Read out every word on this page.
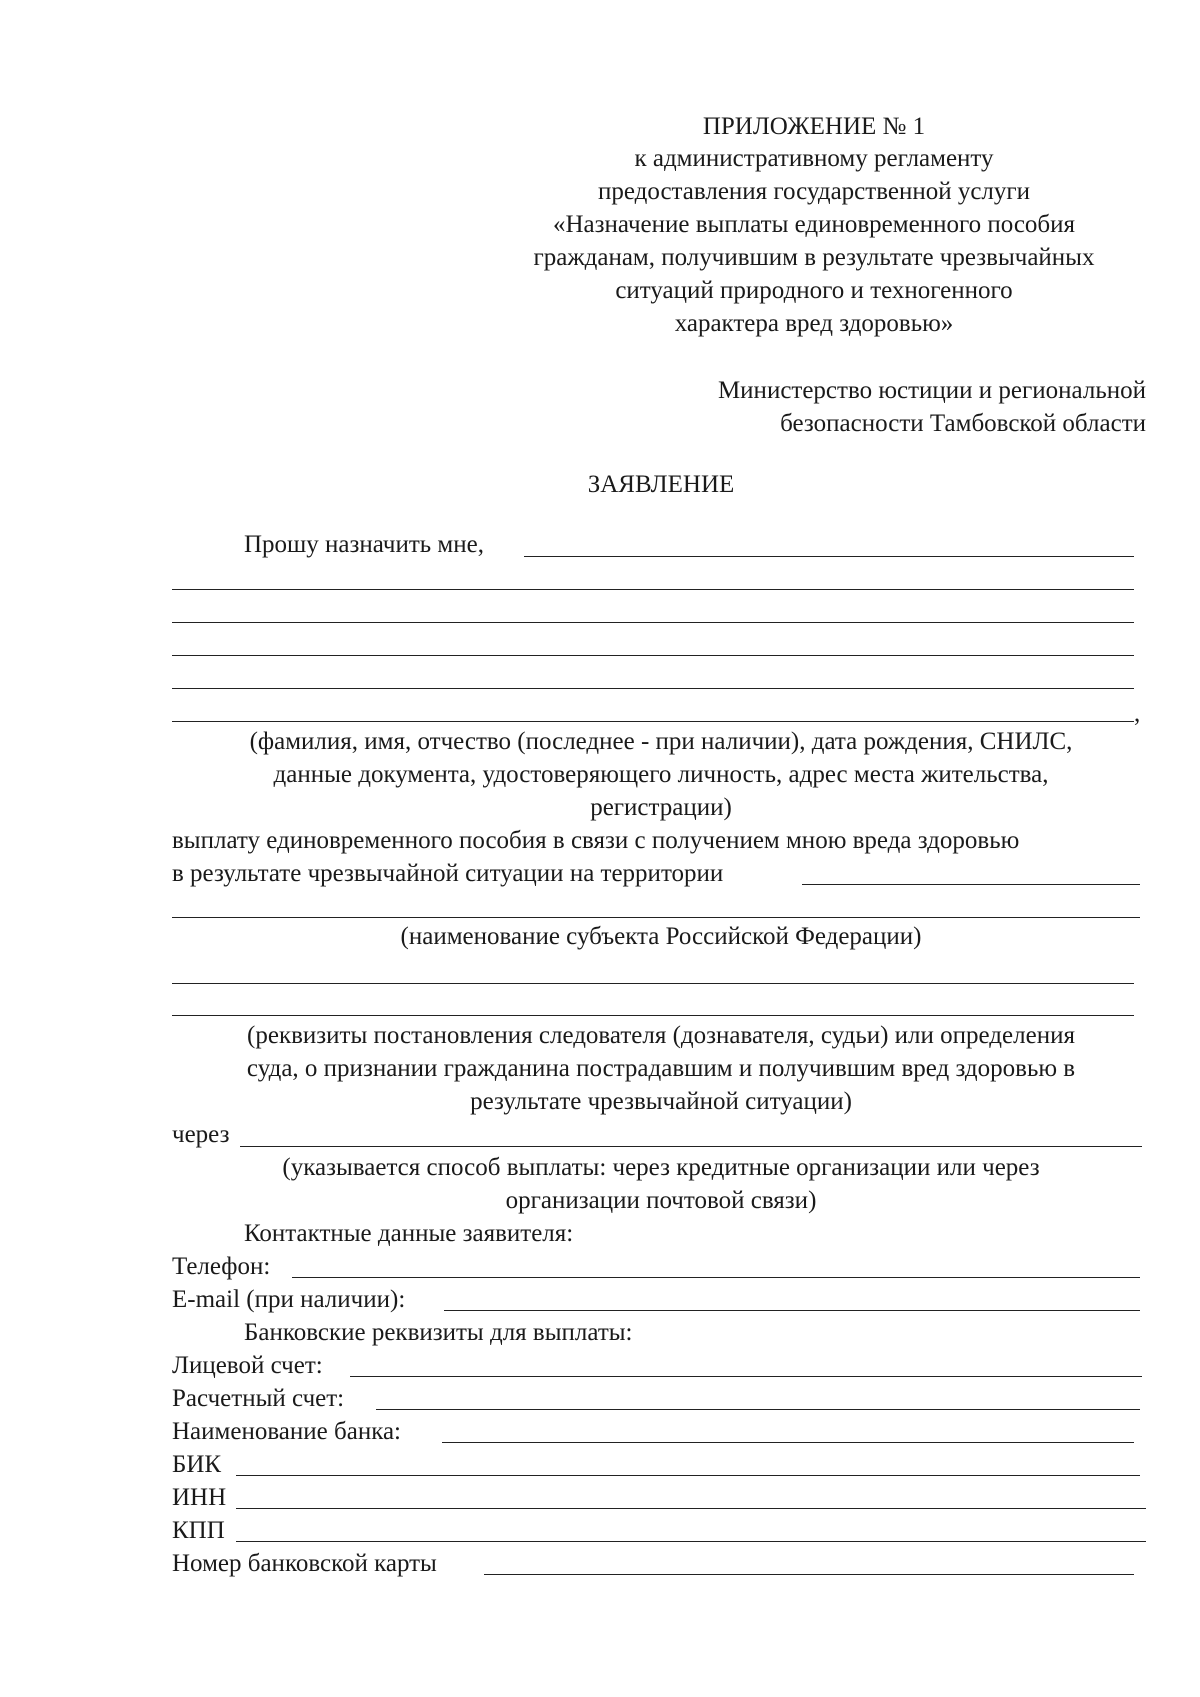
ПРИЛОЖЕНИЕ № 1
к административному регламенту
предоставления государственной услуги
«Назначение выплаты единовременного пособия
гражданам, получившим в результате чрезвычайных
ситуаций природного и техногенного
характера вред здоровью»
Министерство юстиции и региональной
безопасности Тамбовской области
ЗАЯВЛЕНИЕ
Прошу назначить мне,
,
(фамилия, имя, отчество (последнее - при наличии), дата рождения, СНИЛС,
данные документа, удостоверяющего личность, адрес места жительства,
регистрации)
выплату единовременного пособия в связи с получением мною вреда здоровью
в результате чрезвычайной ситуации на территории
(наименование субъекта Российской Федерации)
(реквизиты постановления следователя (дознавателя, судьи) или определения
суда, о признании гражданина пострадавшим и получившим вред здоровью в
результате чрезвычайной ситуации)
через
(указывается способ выплаты: через кредитные организации или через
организации почтовой связи)
Контактные данные заявителя:
Телефон:
E-mail (при наличии):
Банковские реквизиты для выплаты:
Лицевой счет:
Расчетный счет:
Наименование банка:
БИК
ИНН
КПП
Номер банковской карты
